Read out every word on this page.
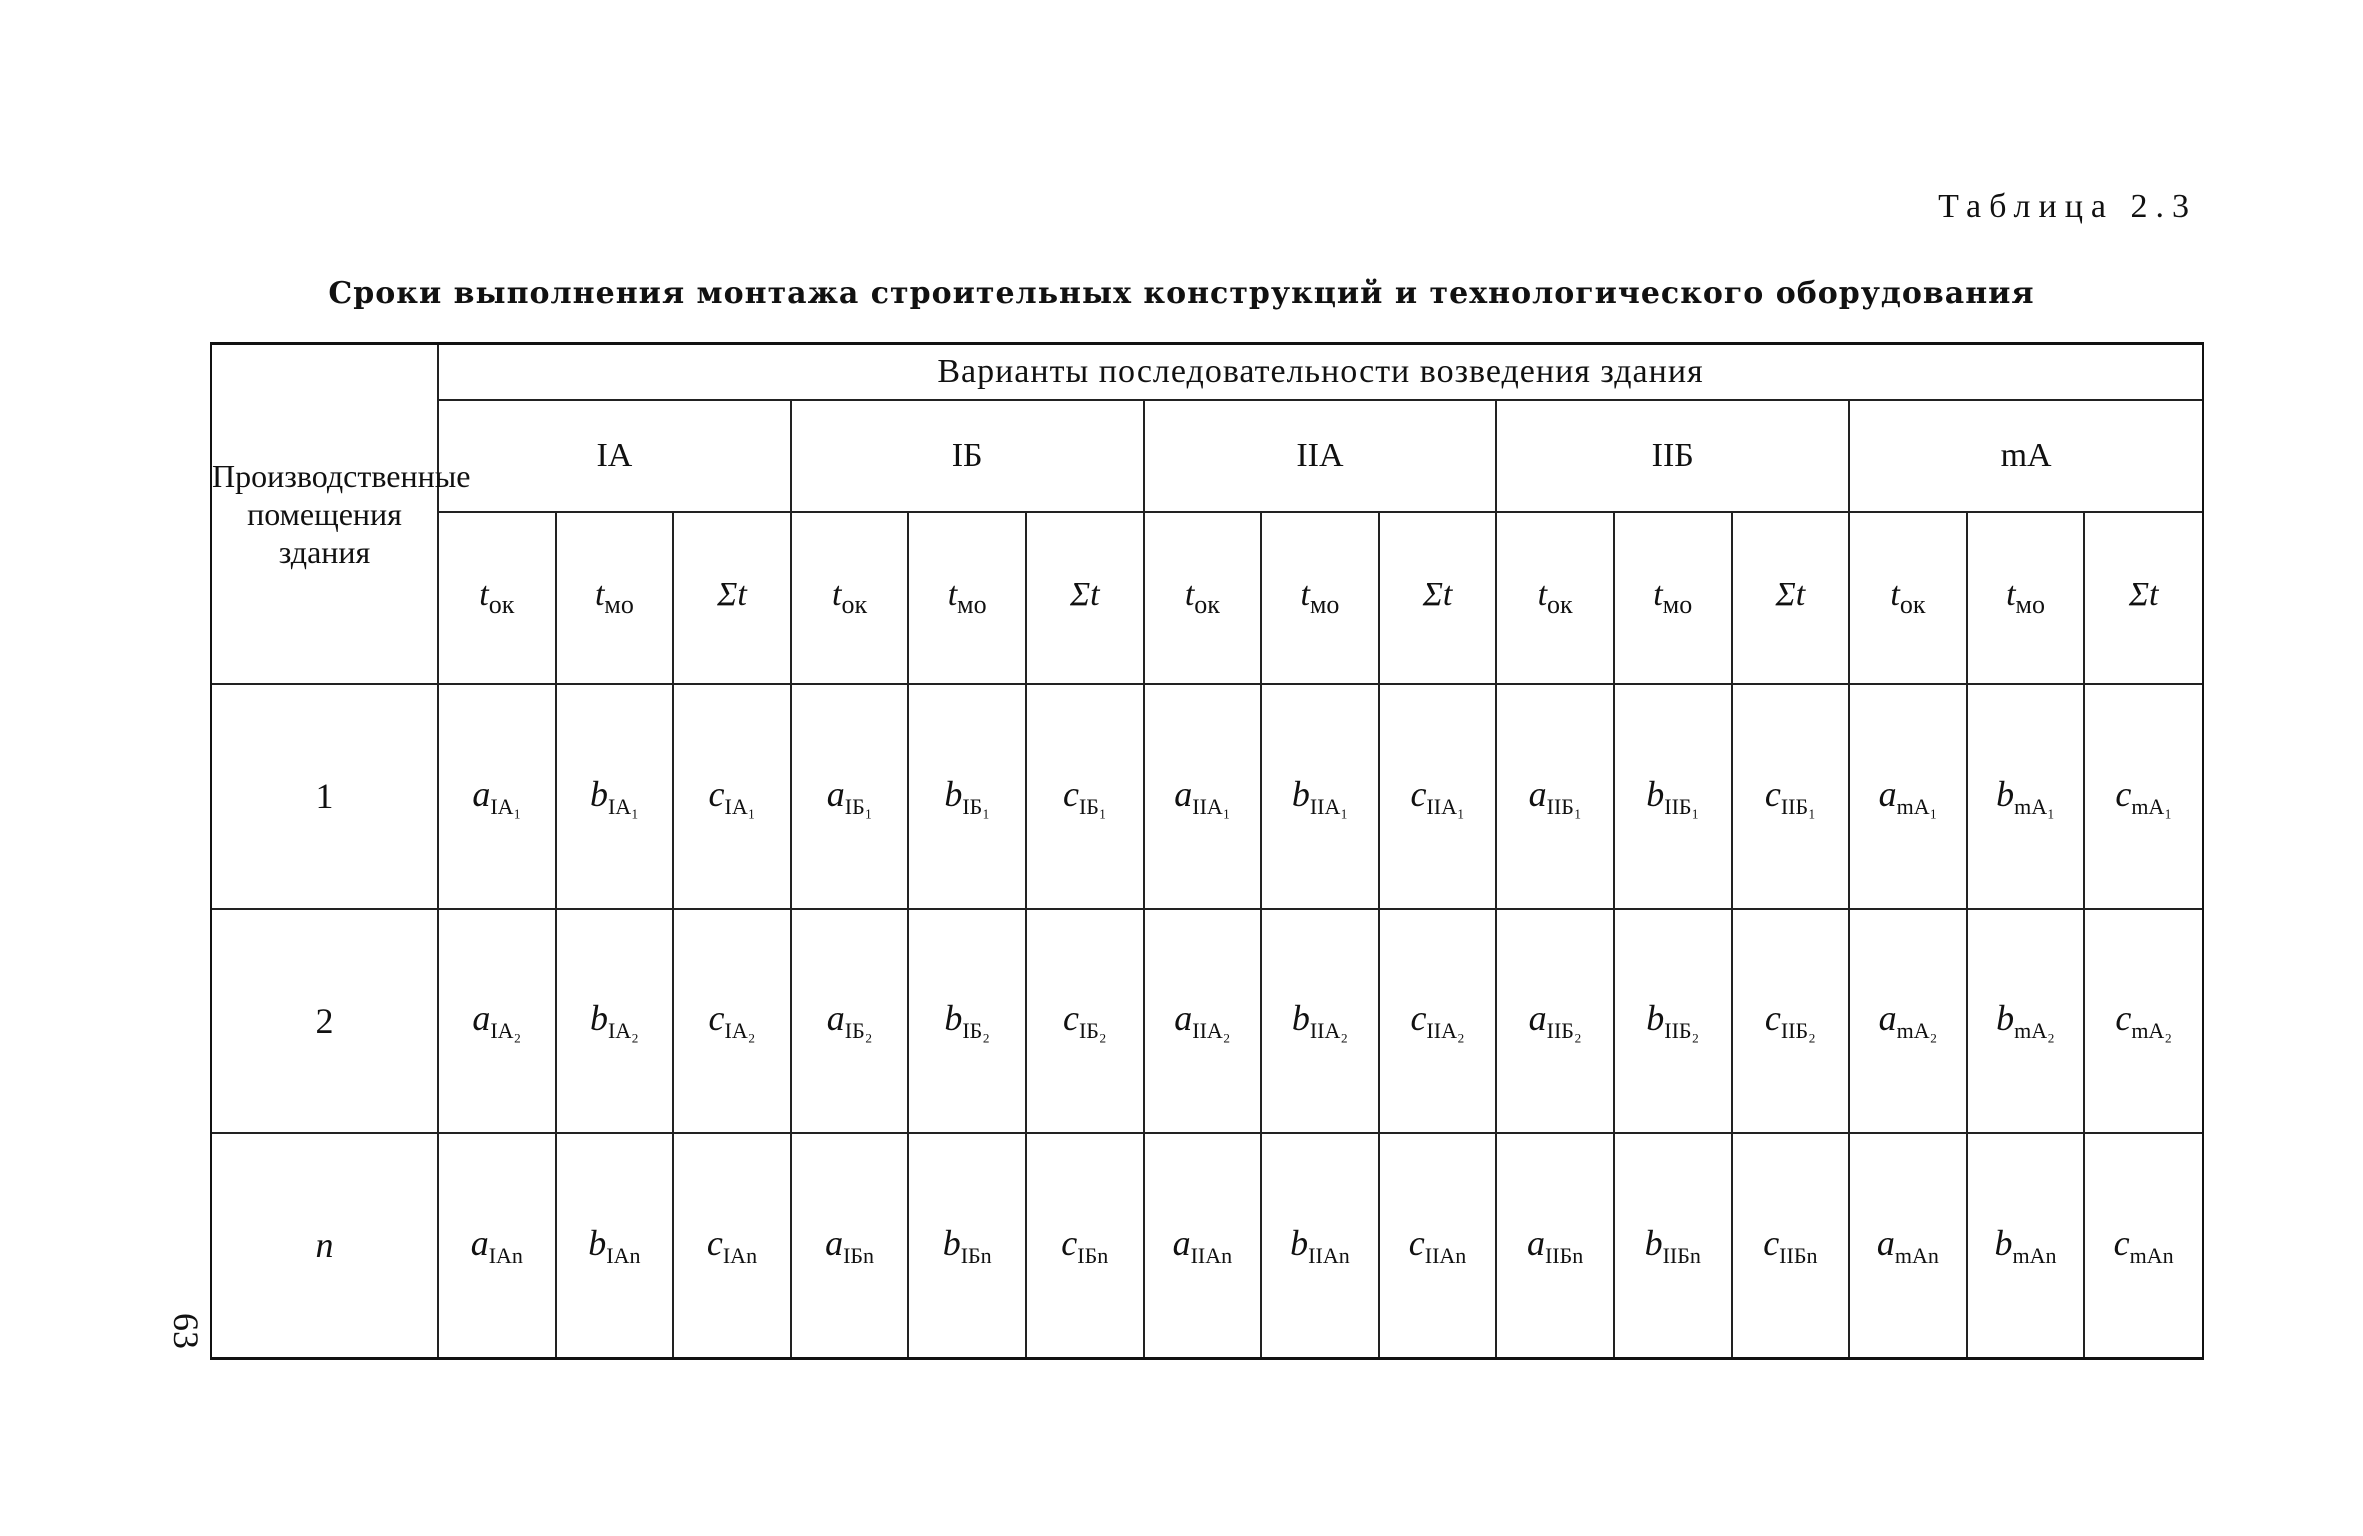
Таблица 2.3
Сроки выполнения монтажа строительных конструкций и технологического оборудования
63
Производственные помещения здания	Варианты последовательности возведения здания														
	IА			IБ			IIА			IIБ			mА		
	$t_{ок}$	$t_{мо}$	Σt	$t_{ок}$	$t_{мо}$	Σt	$t_{ок}$	$t_{мо}$	Σt	$t_{ок}$	$t_{мо}$	Σt	$t_{ок}$	$t_{мо}$	Σt
1	$a_{IА_1}$	$b_{IА_1}$	$c_{IА_1}$	$a_{IБ_1}$	$b_{IБ_1}$	$c_{IБ_1}$	$a_{IIА_1}$	$b_{IIА_1}$	$c_{IIА_1}$	$a_{IIБ_1}$	$b_{IIБ_1}$	$c_{IIБ_1}$	$a_{mА_1}$	$b_{mА_1}$	$c_{mА_1}$
2	$a_{IА_2}$	$b_{IА_2}$	$c_{IА_2}$	$a_{IБ_2}$	$b_{IБ_2}$	$c_{IБ_2}$	$a_{IIА_2}$	$b_{IIА_2}$	$c_{IIА_2}$	$a_{IIБ_2}$	$b_{IIБ_2}$	$c_{IIБ_2}$	$a_{mА_2}$	$b_{mА_2}$	$c_{mА_2}$
n	$a_{IАn}$	$b_{IАn}$	$c_{IАn}$	$a_{IБn}$	$b_{IБn}$	$c_{IБn}$	$a_{IIАn}$	$b_{IIАn}$	$c_{IIАn}$	$a_{IIБn}$	$b_{IIБn}$	$c_{IIБn}$	$a_{mАn}$	$b_{mАn}$	$c_{mАn}$
